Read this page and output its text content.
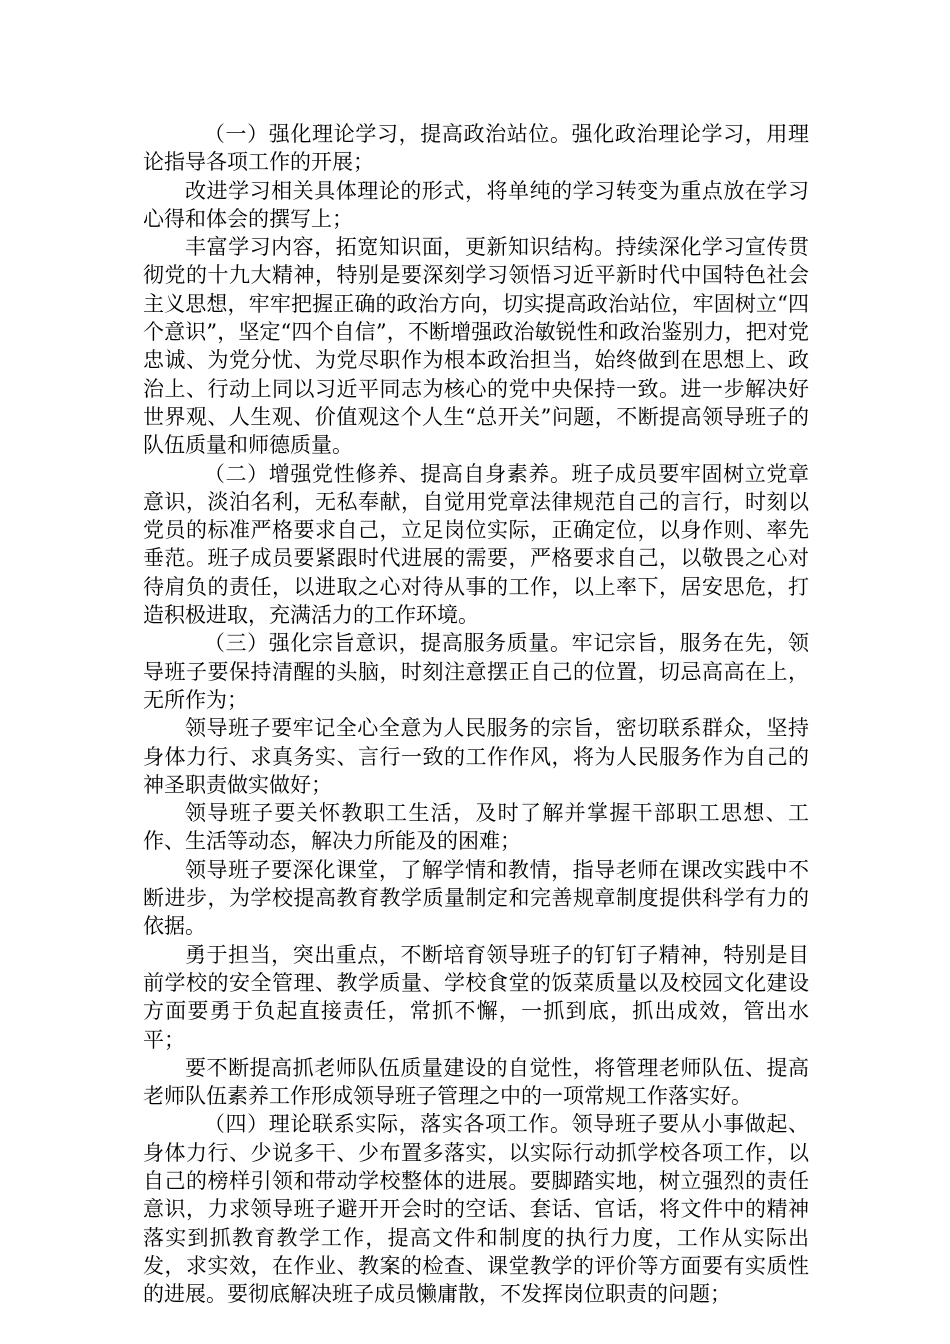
（一）强化理论学习，提高政治站位。强化政治理论学习，用理论指导各项工作的开展；

改进学习相关具体理论的形式，将单纯的学习转变为重点放在学习心得和体会的撰写上；

丰富学习内容，拓宽知识面，更新知识结构。持续深化学习宣传贯彻党的十九大精神，特别是要深刻学习领悟习近平新时代中国特色社会主义思想，牢牢把握正确的政治方向，切实提高政治站位，牢固树立“四个意识”，坚定“四个自信”，不断增强政治敏锐性和政治鉴别力，把对党忠诚、为党分忧、为党尽职作为根本政治担当，始终做到在思想上、政治上、行动上同以习近平同志为核心的党中央保持一致。进一步解决好世界观、人生观、价值观这个人生“总开关”问题，不断提高领导班子的队伍质量和师德质量。

（二）增强党性修养、提高自身素养。班子成员要牢固树立党章意识，淡泊名利，无私奉献，自觉用党章法律规范自己的言行，时刻以党员的标准严格要求自己，立足岗位实际，正确定位，以身作则、率先垂范。班子成员要紧跟时代进展的需要，严格要求自己，以敬畏之心对待肩负的责任，以进取之心对待从事的工作，以上率下，居安思危，打造积极进取，充满活力的工作环境。

（三）强化宗旨意识，提高服务质量。牢记宗旨，服务在先，领导班子要保持清醒的头脑，时刻注意摆正自己的位置，切忌高高在上，无所作为；

领导班子要牢记全心全意为人民服务的宗旨，密切联系群众，坚持身体力行、求真务实、言行一致的工作作风，将为人民服务作为自己的神圣职责做实做好；

领导班子要关怀教职工生活，及时了解并掌握干部职工思想、工作、生活等动态，解决力所能及的困难；

领导班子要深化课堂，了解学情和教情，指导老师在课改实践中不断进步，为学校提高教育教学质量制定和完善规章制度提供科学有力的依据。

勇于担当，突出重点，不断培育领导班子的钉钉子精神，特别是目前学校的安全管理、教学质量、学校食堂的饭菜质量以及校园文化建设方面要勇于负起直接责任，常抓不懈，一抓到底，抓出成效，管出水平；

要不断提高抓老师队伍质量建设的自觉性，将管理老师队伍、提高老师队伍素养工作形成领导班子管理之中的一项常规工作落实好。

（四）理论联系实际，落实各项工作。领导班子要从小事做起、身体力行、少说多干、少布置多落实，以实际行动抓学校各项工作，以自己的榜样引领和带动学校整体的进展。要脚踏实地，树立强烈的责任意识，力求领导班子避开开会时的空话、套话、官话，将文件中的精神落实到抓教育教学工作，提高文件和制度的执行力度，工作从实际出发，求实效，在作业、教案的检查、课堂教学的评价等方面要有实质性的进展。要彻底解决班子成员懒庸散，不发挥岗位职责的问题；
